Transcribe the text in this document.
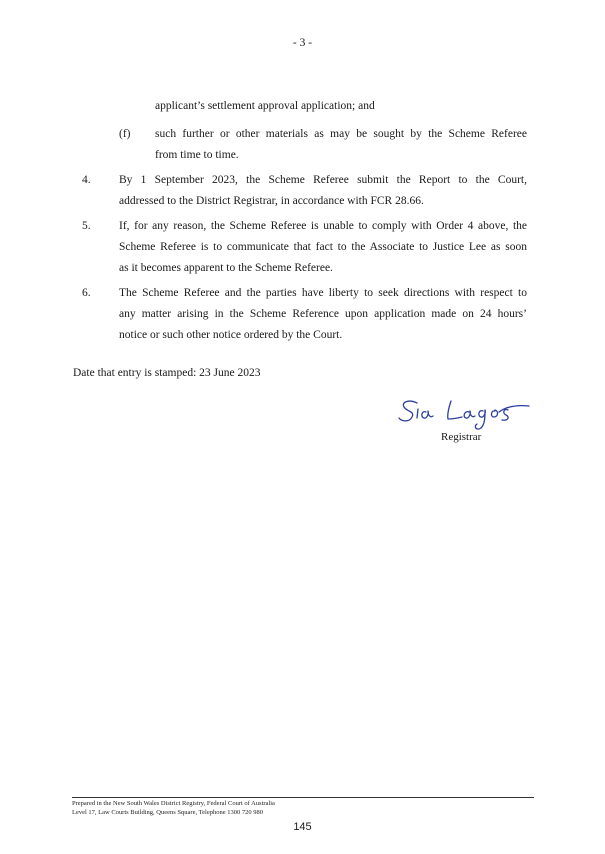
- 3 -
applicant’s settlement approval application; and
(f) such further or other materials as may be sought by the Scheme Referee
from time to time.
4. By 1 September 2023, the Scheme Referee submit the Report to the Court,
addressed to the District Registrar, in accordance with FCR 28.66.
5. If, for any reason, the Scheme Referee is unable to comply with Order 4 above, the
Scheme Referee is to communicate that fact to the Associate to Justice Lee as soon
as it becomes apparent to the Scheme Referee.
6. The Scheme Referee and the parties have liberty to seek directions with respect to
any matter arising in the Scheme Reference upon application made on 24 hours’
notice or such other notice ordered by the Court.
Date that entry is stamped: 23 June 2023
Registrar
Prepared in the New South Wales District Registry, Federal Court of Australia
Level 17, Law Courts Building, Queens Square, Telephone 1300 720 980
145
